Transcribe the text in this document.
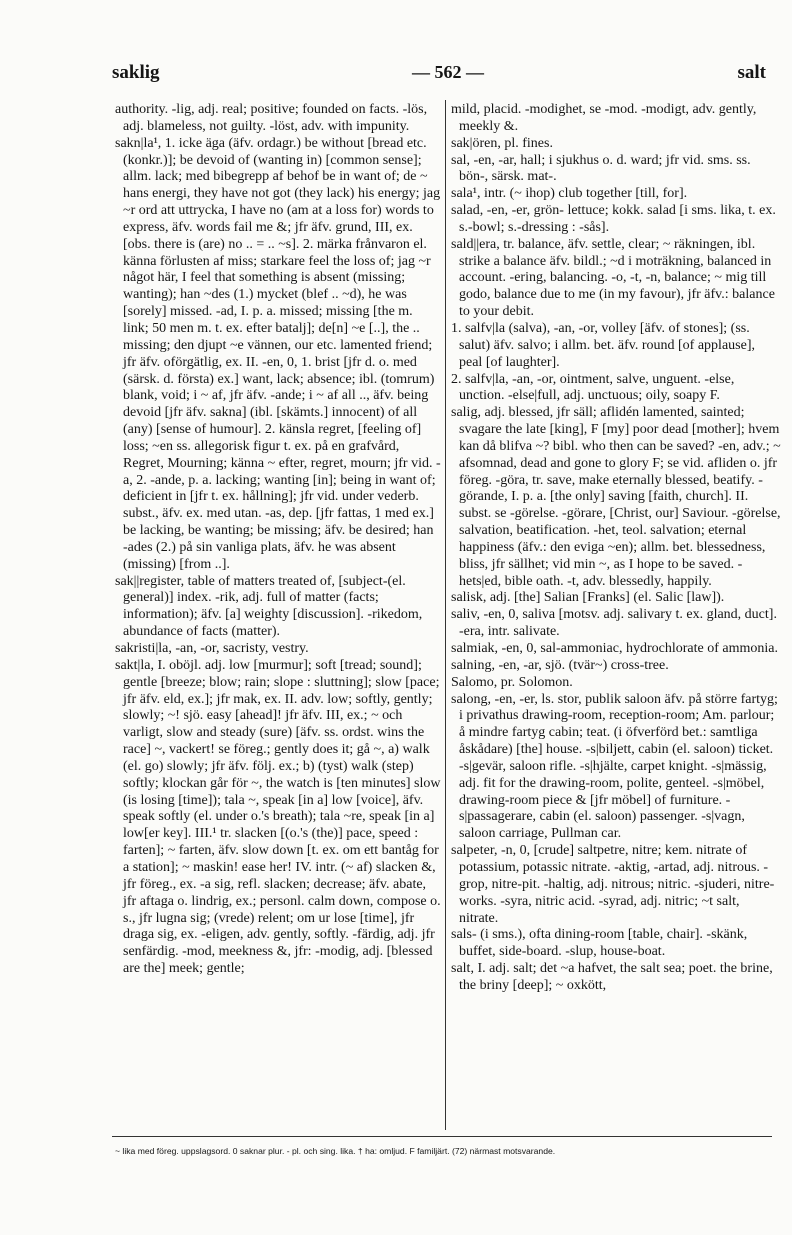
saklig	— 562 —	salt

authority. -lig, adj. real; positive; founded on facts. -lös, adj. blameless, not guilty. -löst, adv. with impunity.

sakn|la¹, 1. icke äga (äfv. ordagr.) be without [bread etc. (konkr.)]; be devoid of (wanting in) [common sense]; allm. lack; med bibegrepp af behof be in want of; de ~ hans energi, they have not got (they lack) his energy; jag ~r ord att uttrycka, I have no (am at a loss for) words to express, äfv. words fail me &; jfr äfv. grund, III, ex. [obs. there is (are) no .. = .. ~s]. 2. märka frånvaron el. känna förlusten af miss; starkare feel the loss of; jag ~r något här, I feel that something is absent (missing; wanting); han ~des (1.) mycket (blef .. ~d), he was [sorely] missed. -ad, I. p. a. missed; missing [the m. link; 50 men m. t. ex. efter batalj]; de[n] ~e [..], the .. missing; den djupt ~e vännen, our etc. lamented friend; jfr äfv. oförgätlig, ex. II. -en, 0, 1. brist [jfr d. o. med (särsk. d. första) ex.] want, lack; absence; ibl. (tomrum) blank, void; i ~ af, jfr äfv. -ande; i ~ af all .., äfv. being devoid [jfr äfv. sakna] (ibl. [skämts.] innocent) of all (any) [sense of humour]. 2. känsla regret, [feeling of] loss; ~en ss. allegorisk figur t. ex. på en grafvård, Regret, Mourning; känna ~ efter, regret, mourn; jfr vid. -a, 2. -ande, p. a. lacking; wanting [in]; being in want of; deficient in [jfr t. ex. hållning]; jfr vid. under vederb. subst., äfv. ex. med utan. -as, dep. [jfr fattas, 1 med ex.] be lacking, be wanting; be missing; äfv. be desired; han -ades (2.) på sin vanliga plats, äfv. he was absent (missing) [from ..].

sak||register, table of matters treated of, [subject-(el. general)] index. -rik, adj. full of matter (facts; information); äfv. [a] weighty [discussion]. -rikedom, abundance of facts (matter).

sakristi|la, -an, -or, sacristy, vestry.

sakt|la, I. oböjl. adj. low [murmur]; soft [tread; sound]; gentle [breeze; blow; rain; slope : sluttning]; slow [pace; jfr äfv. eld, ex.]; jfr mak, ex. II. adv. low; softly, gently; slowly; ~! sjö. easy [ahead]! jfr äfv. III, ex.; ~ och varligt, slow and steady (sure) [äfv. ss. ordst. wins the race] ~, vackert! se föreg.; gently does it; gå ~, a) walk (el. go) slowly; jfr äfv. följ. ex.; b) (tyst) walk (step) softly; klockan går för ~, the watch is [ten minutes] slow (is losing [time]); tala ~, speak [in a] low [voice], äfv. speak softly (el. under o.'s breath); tala ~re, speak [in a] low[er key]. III.¹ tr. slacken [(o.'s (the)] pace, speed : farten]; ~ farten, äfv. slow down [t. ex. om ett bantåg for a station]; ~ maskin! ease her! IV. intr. (~ af) slacken &, jfr föreg., ex. -a sig, refl. slacken; decrease; äfv. abate, jfr aftaga o. lindrig, ex.; personl. calm down, compose o. s., jfr lugna sig; (vrede) relent; om ur lose [time], jfr draga sig, ex. -eligen, adv. gently, softly. -färdig, adj. jfr senfärdig. -mod, meekness &, jfr: -modig, adj. [blessed are the] meek; gentle;

mild, placid. -modighet, se -mod. -modigt, adv. gently, meekly &.

sak|ören, pl. fines.

sal, -en, -ar, hall; i sjukhus o. d. ward; jfr vid. sms. ss. bön-, särsk. mat-.

sala¹, intr. (~ ihop) club together [till, for].

salad, -en, -er, grön- lettuce; kokk. salad [i sms. lika, t. ex. s.-bowl; s.-dressing : -sås].

sald||era, tr. balance, äfv. settle, clear; ~ räkningen, ibl. strike a balance äfv. bildl.; ~d i moträkning, balanced in account. -ering, balancing. -o, -t, -n, balance; ~ mig till godo, balance due to me (in my favour), jfr äfv.: balance to your debit.

1. salfv|la (salva), -an, -or, volley [äfv. of stones]; (ss. salut) äfv. salvo; i allm. bet. äfv. round [of applause], peal [of laughter].

2. salfv|la, -an, -or, ointment, salve, unguent. -else, unction. -else|full, adj. unctuous; oily, soapy F.

salig, adj. blessed, jfr säll; aflidén lamented, sainted; svagare the late [king], F [my] poor dead [mother]; hvem kan då blifva ~? bibl. who then can be saved? -en, adv.; ~ afsomnad, dead and gone to glory F; se vid. afliden o. jfr föreg. -göra, tr. save, make eternally blessed, beatify. -görande, I. p. a. [the only] saving [faith, church]. II. subst. se -görelse. -görare, [Christ, our] Saviour. -görelse, salvation, beatification. -het, teol. salvation; eternal happiness (äfv.: den eviga ~en); allm. bet. blessedness, bliss, jfr sällhet; vid min ~, as I hope to be saved. -hets|ed, bible oath. -t, adv. blessedly, happily.

salisk, adj. [the] Salian [Franks] (el. Salic [law]).

saliv, -en, 0, saliva [motsv. adj. salivary t. ex. gland, duct]. -era, intr. salivate.

salmiak, -en, 0, sal-ammoniac, hydrochlorate of ammonia.

salning, -en, -ar, sjö. (tvär~) cross-tree.

Salomo, pr. Solomon.

salong, -en, -er, ls. stor, publik saloon äfv. på större fartyg; i privathus drawing-room, reception-room; Am. parlour; å mindre fartyg cabin; teat. (i öfverförd bet.: samtliga åskådare) [the] house. -s|biljett, cabin (el. saloon) ticket. -s|gevär, saloon rifle. -s|hjälte, carpet knight. -s|mässig, adj. fit for the drawing-room, polite, genteel. -s|möbel, drawing-room piece & [jfr möbel] of furniture. -s|passagerare, cabin (el. saloon) passenger. -s|vagn, saloon carriage, Pullman car.

salpeter, -n, 0, [crude] saltpetre, nitre; kem. nitrate of potassium, potassic nitrate. -aktig, -artad, adj. nitrous. -grop, nitre-pit. -haltig, adj. nitrous; nitric. -sjuderi, nitre-works. -syra, nitric acid. -syrad, adj. nitric; ~t salt, nitrate.

sals- (i sms.), ofta dining-room [table, chair]. -skänk, buffet, side-board. -slup, house-boat.

salt, I. adj. salt; det ~a hafvet, the salt sea; poet. the brine, the briny [deep]; ~ oxkött,

~ lika med föreg. uppslagsord. 0 saknar plur. - pl. och sing. lika. † ha: omljud. F familjärt. (72) närmast motsvarande.
